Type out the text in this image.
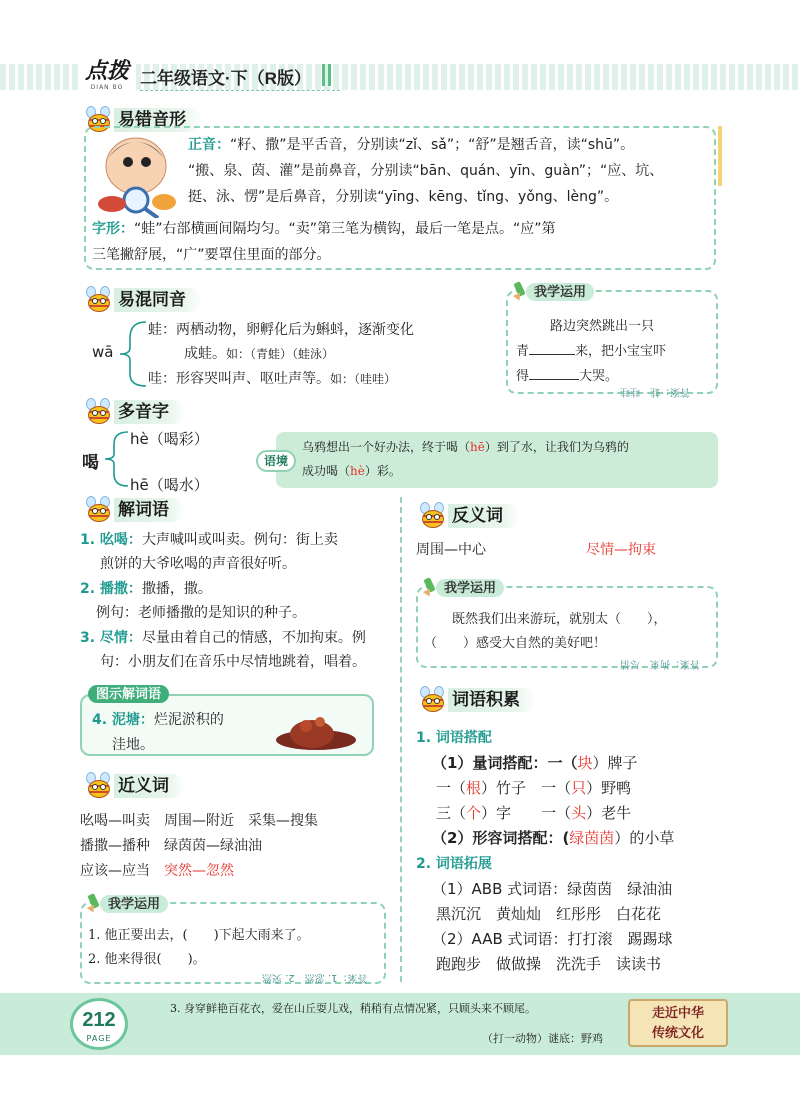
点拨
DIAN BO 二年级语文·下（R版）
易错音形
正音：“籽、撒”是平舌音，分别读“zǐ、sǎ”；“舒”是翘舌音，读“shū”。
“搬、泉、茵、灌”是前鼻音，分别读“bān、quán、yīn、guàn”；“应、坑、
挺、泳、愣”是后鼻音，分别读“yīng、kēng、tǐng、yǒng、lèng”。
字形：“蛙”右部横画间隔均匀。“卖”第三笔为横钩，最后一笔是点。“应”第
三笔撇舒展，“广”要罩住里面的部分。
易混同音
wā
蛙：两栖动物，卵孵化后为蝌蚪，逐渐变化
成蛙。如：（青蛙）（蛙泳）
哇：形容哭叫声、呕吐声等。如：（哇哇）
我学运用
路边突然跳出一只
青	来，把小宝宝吓
得	大哭。
答案：蛙　哇哇
多音字
喝
hè（喝彩）
hē（喝水）
语境
乌鸦想出一个好办法，终于喝（hē）到了水，让我们为乌鸦的
成功喝（hè）彩。
解词语
1. 吆喝：大声喊叫或叫卖。例句：街上卖
煎饼的大爷吆喝的声音很好听。
2. 播撒：撒播，撒。
例句：老师播撒的是知识的种子。
3. 尽情：尽量由着自己的情感，不加拘束。例
句：小朋友们在音乐中尽情地跳着，唱着。
图示解词语
4. 泥塘：烂泥淤积的
洼地。
近义词
吆喝—叫卖　周围—附近　采集—搜集
播撒—播种　绿茵茵—绿油油
应该—应当　 突然—忽然
我学运用
1. 他正要出去，(　　)下起大雨来了。
2. 他来得很(　　)。
答案：1. 忽然　2. 突然
反义词
周围—中心	尽情—拘束
我学运用
既然我们出来游玩，就别太（　　），
（　　）感受大自然的美好吧！
答案：拘束　尽情
词语积累
1. 词语搭配
（1）量词搭配：一（块）牌子
一（根）竹子　 一（只）野鸭
三（个）字　　 一（头）老牛
（2）形容词搭配：(绿茵茵）的小草
2. 词语拓展
（1）ABB 式词语：绿茵茵　绿油油
黑沉沉　黄灿灿　红彤彤　白花花
（2）AAB 式词语：打打滚　踢踢球
跑跑步　做做操　洗洗手　读读书
212
PAGE
3. 身穿鲜艳百花衣，爱在山丘耍儿戏，稍稍有点情况紧，只顾头来不顾尾。
（打一动物）谜底：野鸡
走近中华
传统文化
